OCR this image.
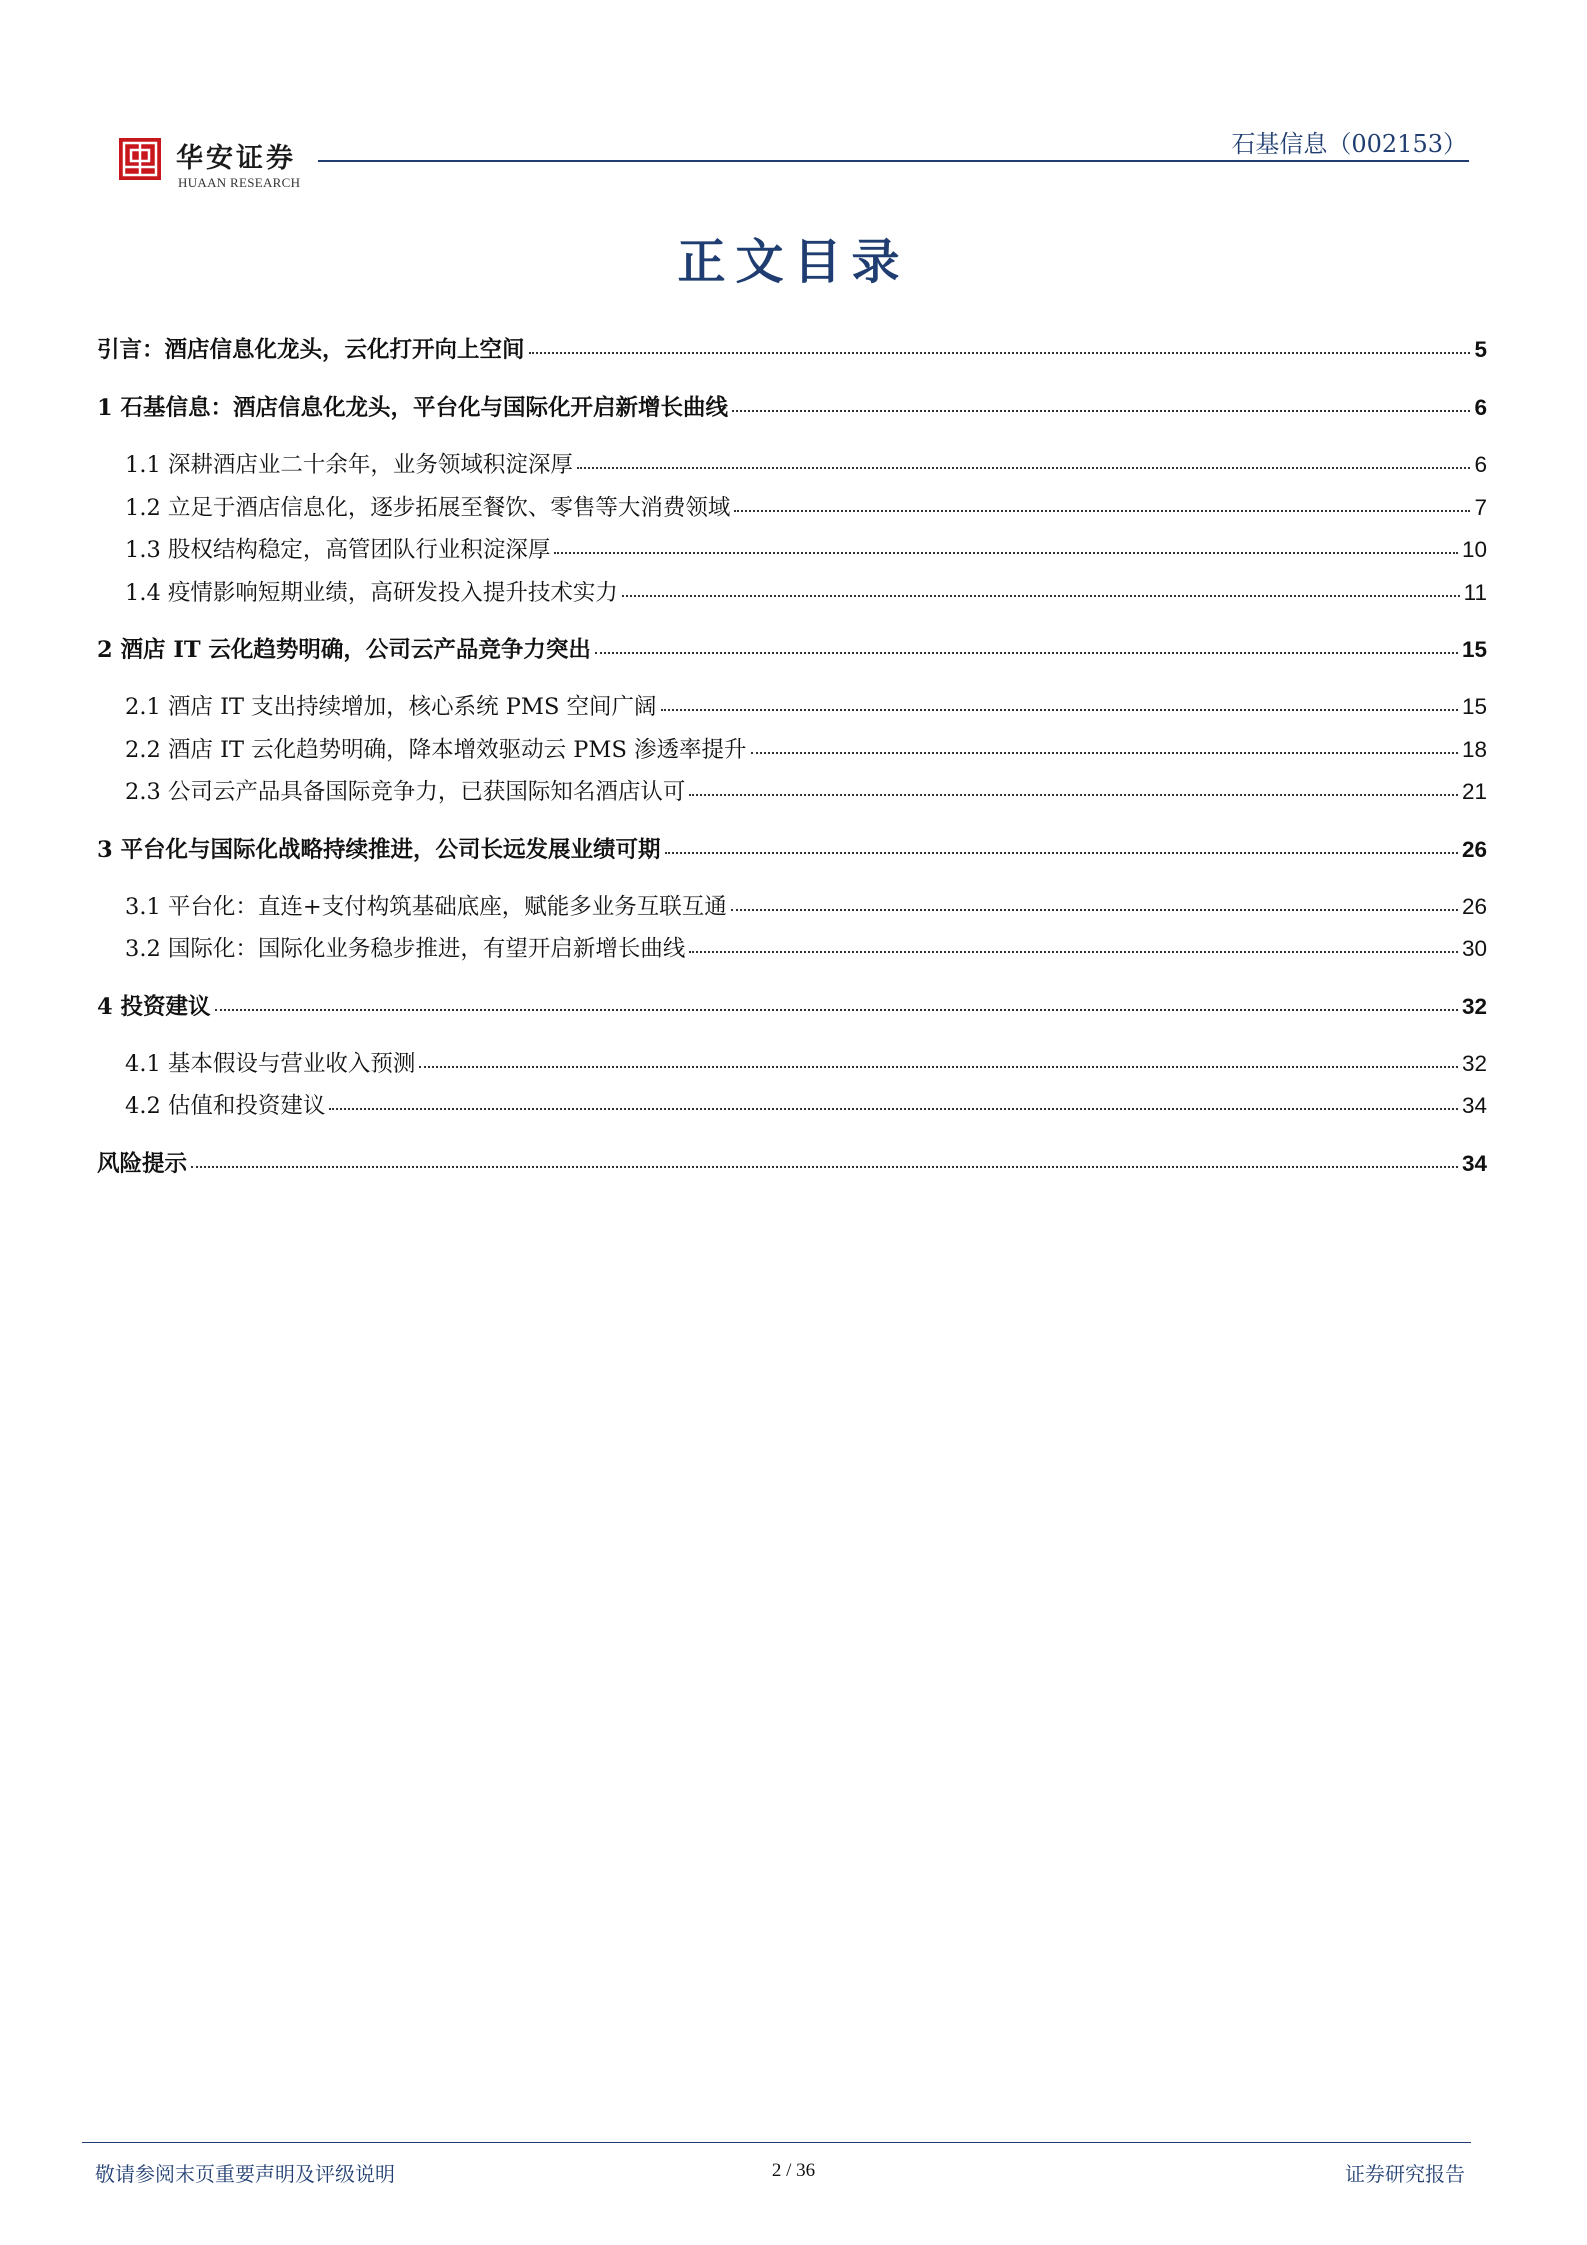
华安证券
HUAAN RESEARCH
石基信息（002153）
正文目录
引言：酒店信息化龙头，云化打开向上空间	5
1 石基信息：酒店信息化龙头，平台化与国际化开启新增长曲线	6
1.1 深耕酒店业二十余年，业务领域积淀深厚	6
1.2 立足于酒店信息化，逐步拓展至餐饮、零售等大消费领域	7
1.3 股权结构稳定，高管团队行业积淀深厚	10
1.4 疫情影响短期业绩，高研发投入提升技术实力	11
2 酒店 IT 云化趋势明确，公司云产品竞争力突出	15
2.1 酒店 IT 支出持续增加，核心系统 PMS 空间广阔	15
2.2 酒店 IT 云化趋势明确，降本增效驱动云 PMS 渗透率提升	18
2.3 公司云产品具备国际竞争力，已获国际知名酒店认可	21
3 平台化与国际化战略持续推进，公司长远发展业绩可期	26
3.1 平台化：直连+支付构筑基础底座，赋能多业务互联互通	26
3.2 国际化：国际化业务稳步推进，有望开启新增长曲线	30
4 投资建议	32
4.1 基本假设与营业收入预测	32
4.2 估值和投资建议	34
风险提示	34
敬请参阅末页重要声明及评级说明	2 / 36	证券研究报告
